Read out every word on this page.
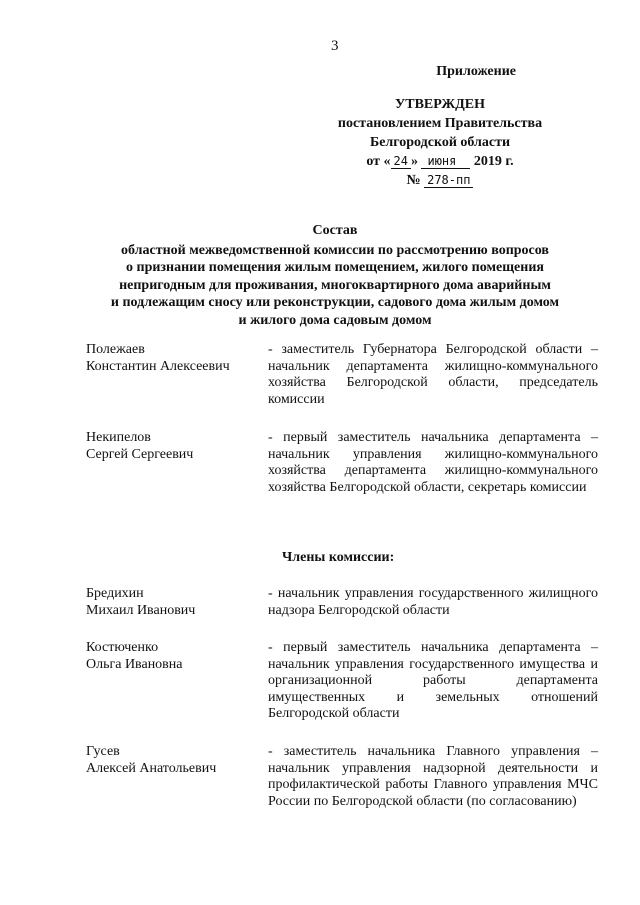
3
Приложение
УТВЕРЖДЕН
постановлением Правительства
Белгородской области
от « 24 » июня 2019 г.
№ 278-пп
Состав
областной межведомственной комиссии по рассмотрению вопросов
о признании помещения жилым помещением, жилого помещения
непригодным для проживания, многоквартирного дома аварийным
и подлежащим сносу или реконструкции, садового дома жилым домом
и жилого дома садовым домом
Полежаев
Константин Алексеевич
- заместитель Губернатора Белгородской области – начальник департамента жилищно-коммунального хозяйства Белгородской области, председатель комиссии
Некипелов
Сергей Сергеевич
- первый заместитель начальника департамента – начальник управления жилищно-коммунального хозяйства департамента жилищно-коммунального хозяйства Белгородской области, секретарь комиссии
Члены комиссии:
Бредихин
Михаил Иванович
- начальник управления государственного жилищного надзора Белгородской области
Костюченко
Ольга Ивановна
- первый заместитель начальника департамента – начальник управления государственного имущества и организационной работы департамента имущественных и земельных отношений Белгородской области
Гусев
Алексей Анатольевич
- заместитель начальника Главного управления – начальник управления надзорной деятельности и профилактической работы Главного управления МЧС России по Белгородской области (по согласованию)
